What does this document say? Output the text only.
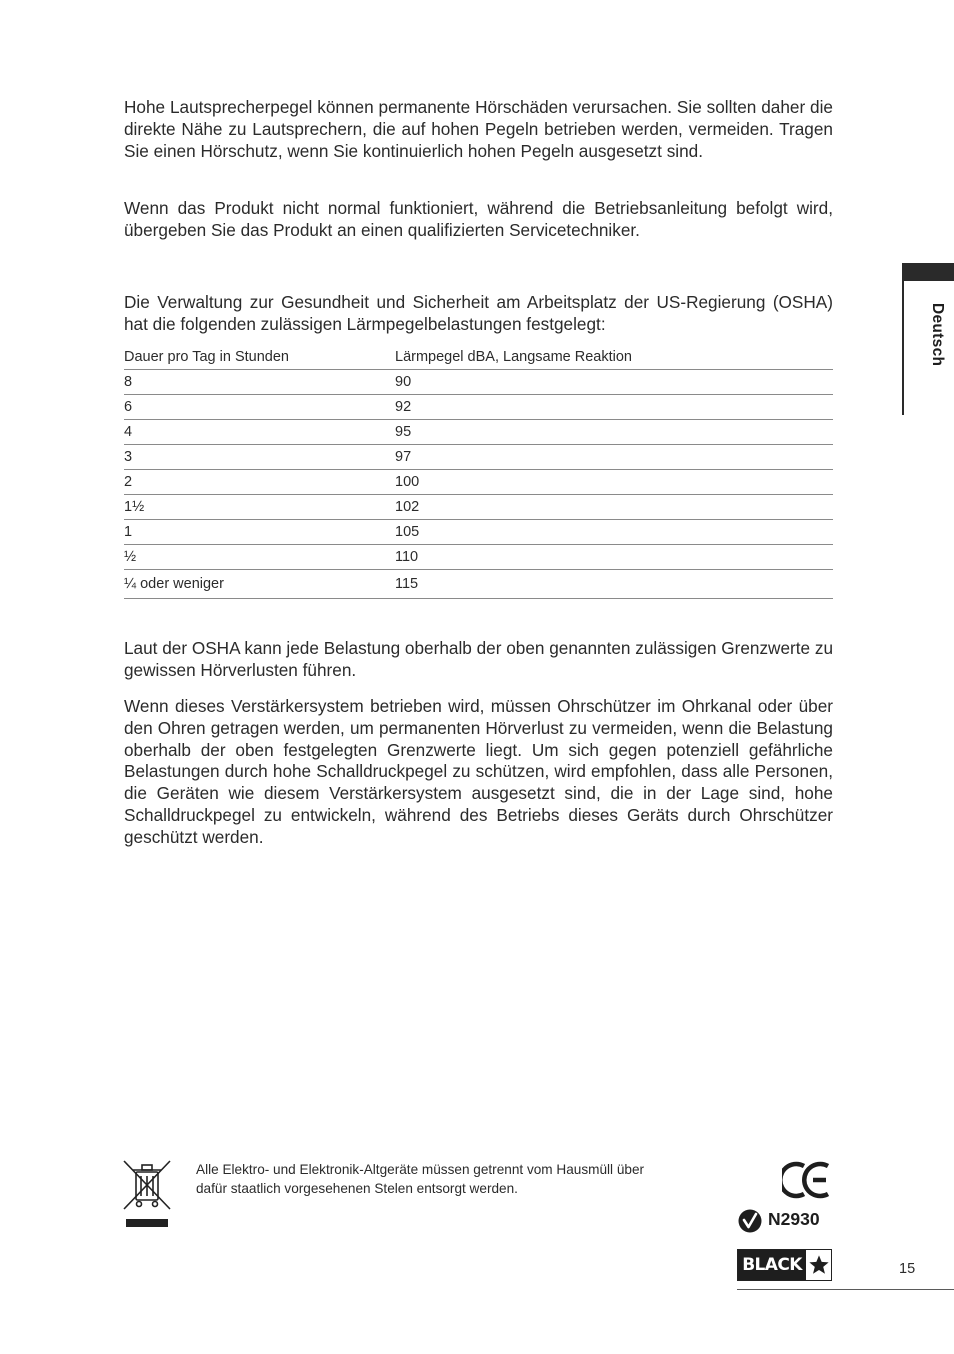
Hohe Lautsprecherpegel können permanente Hörschäden verursachen. Sie sollten daher die direkte Nähe zu Lautsprechern, die auf hohen Pegeln betrieben werden, vermeiden. Tragen Sie einen Hörschutz, wenn Sie kontinuierlich hohen Pegeln ausgesetzt sind.

Wenn das Produkt nicht normal funktioniert, während die Betriebsanleitung befolgt wird, übergeben Sie das Produkt an einen qualifizierten Servicetechniker.

Die Verwaltung zur Gesundheit und Sicherheit am Arbeitsplatz der US-Regierung (OSHA) hat die folgenden zulässigen Lärmpegelbelastungen festgelegt:

Dauer pro Tag in Stunden	Lärmpegel dBA, Langsame Reaktion
8	90
6	92
4	95
3	97
2	100
1½	102
1	105
½	110
¼ oder weniger	115

Laut der OSHA kann jede Belastung oberhalb der oben genannten zulässigen Grenzwerte zu gewissen Hörverlusten führen.

Wenn dieses Verstärkersystem betrieben wird, müssen Ohrschützer im Ohrkanal oder über den Ohren getragen werden, um permanenten Hörverlust zu vermeiden, wenn die Belastung oberhalb der oben festgelegten Grenzwerte liegt. Um sich gegen potenziell gefährliche Belastungen durch hohe Schalldruckpegel zu schützen, wird empfohlen, dass alle Personen, die Geräten wie diesem Verstärkersystem ausgesetzt sind, die in der Lage sind, hohe Schalldruckpegel zu entwickeln, während des Betriebs dieses Geräts durch Ohrschützer geschützt werden.

Deutsch

Alle Elektro- und Elektronik-Altgeräte müssen getrennt vom Hausmüll über
dafür staatlich vorgesehenen Stelen entsorgt werden.

N2930
BLACK	15
